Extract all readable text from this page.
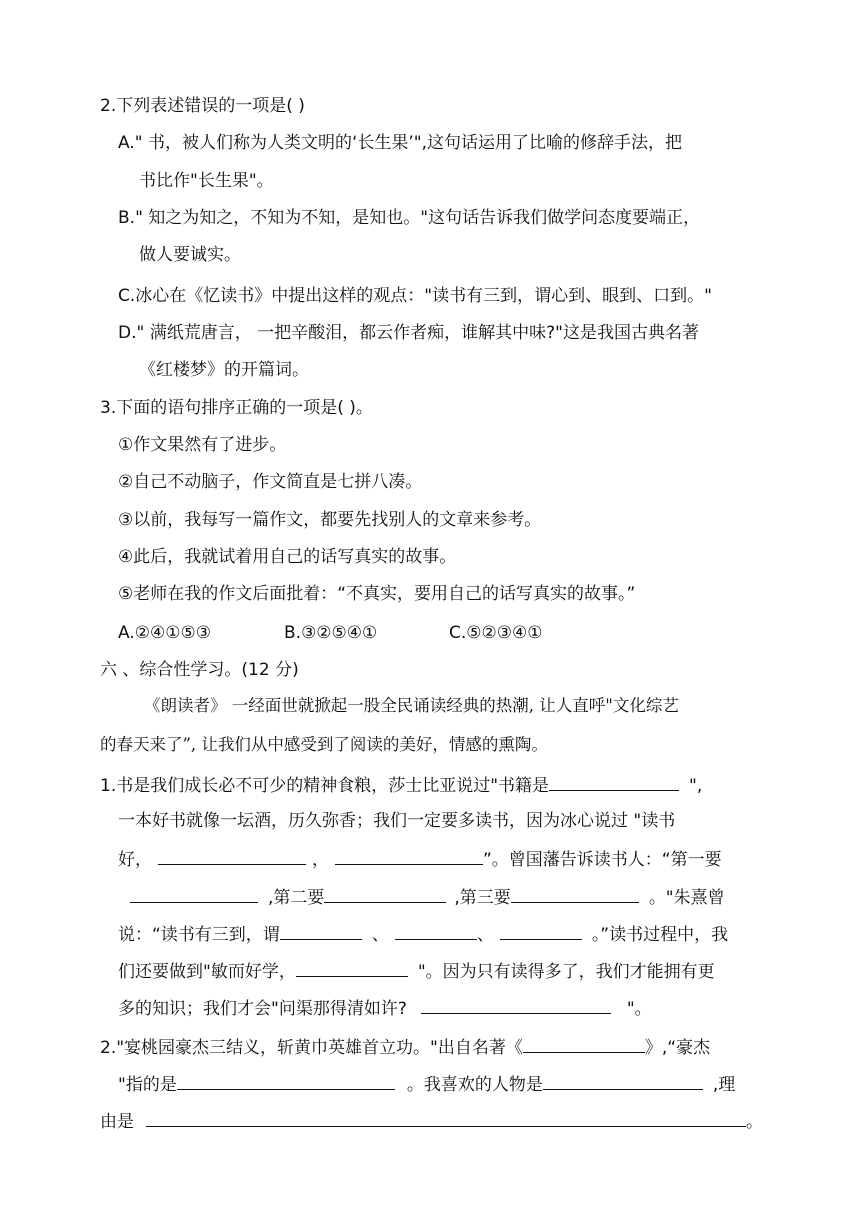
2.下列表述错误的一项是( )
A." 书，被人们称为人类文明的‘长生果’",这句话运用了比喻的修辞手法，把
书比作"长生果"。
B." 知之为知之，不知为不知，是知也。"这句话告诉我们做学问态度要端正，
做人要诚实。
C.冰心在《忆读书》中提出这样的观点："读书有三到，谓心到、眼到、口到。"
D." 满纸荒唐言， 一把辛酸泪，都云作者痴，谁解其中味?"这是我国古典名著
《红楼梦》的开篇词。
3.下面的语句排序正确的一项是( )。
①作文果然有了进步。
②自己不动脑子，作文简直是七拼八凑。
③以前，我每写一篇作文，都要先找别人的文章来参考。
④此后，我就试着用自己的话写真实的故事。
⑤老师在我的作文后面批着：“不真实，要用自己的话写真实的故事。”
A.②④①⑤③	B.③②⑤④①	C.⑤②③④①
六 、综合性学习。(12 分)
《朗读者》 一经面世就掀起一股全民诵读经典的热潮, 让人直呼"文化综艺
的春天来了”, 让我们从中感受到了阅读的美好，情感的熏陶。
1.书是我们成长必不可少的精神食粮，莎士比亚说过"书籍是	",
一本好书就像一坛酒，历久弥香；我们一定要多读书，因为冰心说过 "读书
好，	，	”。曾国藩告诉读书人：“第一要
,第二要	,第三要	。"朱熹曾
说：“读书有三到，谓	、	、	。”读书过程中，我
们还要做到"敏而好学，	"。因为只有读得多了，我们才能拥有更
多的知识；我们才会"问渠那得清如许?	"。
2."宴桃园豪杰三结义，斩黄巾英雄首立功。"出自名著《	》,“豪杰
"指的是	。我喜欢的人物是	,理
由是	。
